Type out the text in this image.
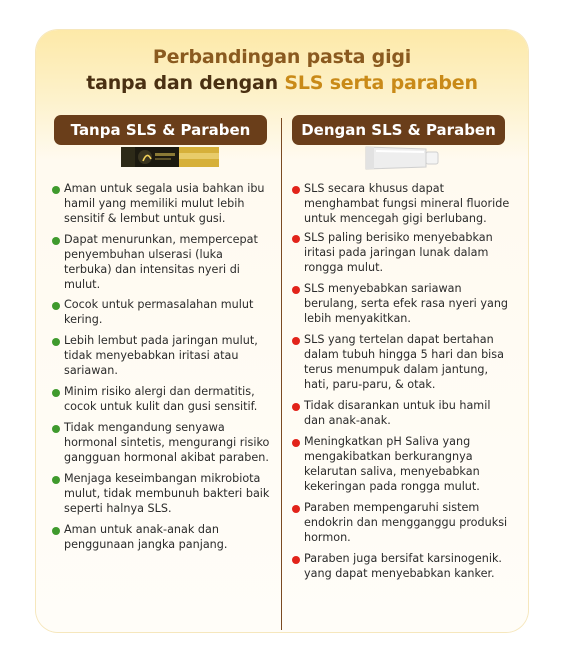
Perbandingan pasta gigi
tanpa dan dengan SLS serta paraben
Tanpa SLS & Paraben	Dengan SLS & Paraben
Aman untuk segala usia bahkan ibu hamil yang memiliki mulut lebih sensitif & lembut untuk gusi.
Dapat menurunkan, mempercepat penyembuhan ulserasi (luka terbuka) dan intensitas nyeri di mulut.
Cocok untuk permasalahan mulut kering.
Lebih lembut pada jaringan mulut, tidak menyebabkan iritasi atau sariawan.
Minim risiko alergi dan dermatitis, cocok untuk kulit dan gusi sensitif.
Tidak mengandung senyawa hormonal sintetis, mengurangi risiko gangguan hormonal akibat paraben.
Menjaga keseimbangan mikrobiota mulut, tidak membunuh bakteri baik seperti halnya SLS.
Aman untuk anak-anak dan penggunaan jangka panjang.
SLS secara khusus dapat menghambat fungsi mineral fluoride untuk mencegah gigi berlubang.
SLS paling berisiko menyebabkan iritasi pada jaringan lunak dalam rongga mulut.
SLS menyebabkan sariawan berulang, serta efek rasa nyeri yang lebih menyakitkan.
SLS yang tertelan dapat bertahan dalam tubuh hingga 5 hari dan bisa terus menumpuk dalam jantung, hati, paru-paru, & otak.
Tidak disarankan untuk ibu hamil dan anak-anak.
Meningkatkan pH Saliva yang mengakibatkan berkurangnya kelarutan saliva, menyebabkan kekeringan pada rongga mulut.
Paraben mempengaruhi sistem endokrin dan mengganggu produksi hormon.
Paraben juga bersifat karsinogenik. yang dapat menyebabkan kanker.
